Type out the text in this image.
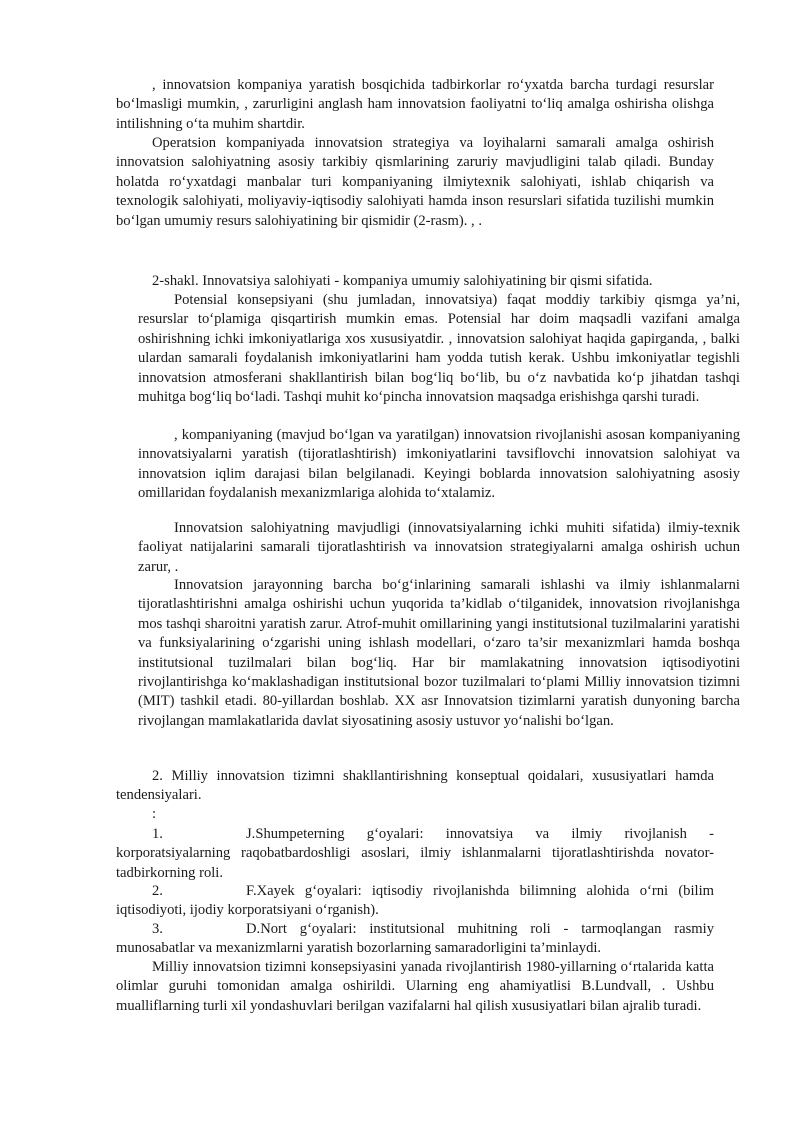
, innovatsion kompaniya yaratish bosqichida tadbirkorlar ro‘yxatda barcha turdagi resurslar bo‘lmasligi mumkin, , zarurligini anglash ham innovatsion faoliyatni to‘liq amalga oshirisha olishga intilishning o‘ta muhim shartdir.

Operatsion kompaniyada innovatsion strategiya va loyihalarni samarali amalga oshirish innovatsion salohiyatning asosiy tarkibiy qismlarining zaruriy mavjudligini talab qiladi. Bunday holatda ro‘yxatdagi manbalar turi kompaniyaning ilmiytexnik salohiyati, ishlab chiqarish va texnologik salohiyati, moliyaviy-iqtisodiy salohiyati hamda inson resurslari sifatida tuzilishi mumkin bo‘lgan umumiy resurs salohiyatining bir qismidir (2-rasm). , .

2-shakl. Innovatsiya salohiyati - kompaniya umumiy salohiyatining bir qismi sifatida.

Potensial konsepsiyani (shu jumladan, innovatsiya) faqat moddiy tarkibiy qismga ya’ni, resurslar to‘plamiga qisqartirish mumkin emas. Potensial har doim maqsadli vazifani amalga oshirishning ichki imkoniyatlariga xos xususiyatdir. , innovatsion salohiyat haqida gapirganda, , balki ulardan samarali foydalanish imkoniyatlarini ham yodda tutish kerak. Ushbu imkoniyatlar tegishli innovatsion atmosferani shakllantirish bilan bog‘liq bo‘lib, bu o‘z navbatida ko‘p jihatdan tashqi muhitga bog‘liq bo‘ladi. Tashqi muhit ko‘pincha innovatsion maqsadga erishishga qarshi turadi.

, kompaniyaning (mavjud bo‘lgan va yaratilgan) innovatsion rivojlanishi asosan kompaniyaning innovatsiyalarni yaratish (tijoratlashtirish) imkoniyatlarini tavsiflovchi innovatsion salohiyat va innovatsion iqlim darajasi bilan belgilanadi. Keyingi boblarda innovatsion salohiyatning asosiy omillaridan foydalanish mexanizmlariga alohida to‘xtalamiz.

Innovatsion salohiyatning mavjudligi (innovatsiyalarning ichki muhiti sifatida) ilmiy-texnik faoliyat natijalarini samarali tijoratlashtirish va innovatsion strategiyalarni amalga oshirish uchun zarur, .

Innovatsion jarayonning barcha bo‘g‘inlarining samarali ishlashi va ilmiy ishlanmalarni tijoratlashtirishni amalga oshirishi uchun yuqorida ta’kidlab o‘tilganidek, innovatsion rivojlanishga mos tashqi sharoitni yaratish zarur. Atrof-muhit omillarining yangi institutsional tuzilmalarini yaratishi va funksiyalarining o‘zgarishi uning ishlash modellari, o‘zaro ta’sir mexanizmlari hamda boshqa institutsional tuzilmalari bilan bog‘liq. Har bir mamlakatning innovatsion iqtisodiyotini rivojlantirishga ko‘maklashadigan institutsional bozor tuzilmalari to‘plami Milliy innovatsion tizimni (MIT) tashkil etadi. 80-yillardan boshlab. XX asr Innovatsion tizimlarni yaratish dunyoning barcha rivojlangan mamlakatlarida davlat siyosatining asosiy ustuvor yo‘nalishi bo‘lgan.

2. Milliy innovatsion tizimni shakllantirishning konseptual qoidalari, xususiyatlari hamda tendensiyalari.

:
1.	J.Shumpeterning g‘oyalari: innovatsiya va ilmiy rivojlanish -

korporatsiyalarning raqobatbardoshligi asoslari, ilmiy ishlanmalarni tijoratlashtirishda novator-tadbirkorning roli.

2.	F.Xayek g‘oyalari: iqtisodiy rivojlanishda bilimning alohida o‘rni (bilim

iqtisodiyoti, ijodiy korporatsiyani o‘rganish).

3.	D.Nort g‘oyalari: institutsional muhitning roli - tarmoqlangan rasmiy

munosabatlar va mexanizmlarni yaratish bozorlarning samaradorligini ta’minlaydi.

Milliy innovatsion tizimni konsepsiyasini yanada rivojlantirish 1980-yillarning o‘rtalarida katta olimlar guruhi tomonidan amalga oshirildi. Ularning eng ahamiyatlisi B.Lundvall, . Ushbu mualliflarning turli xil yondashuvlari berilgan vazifalarni hal qilish xususiyatlari bilan ajralib turadi.
